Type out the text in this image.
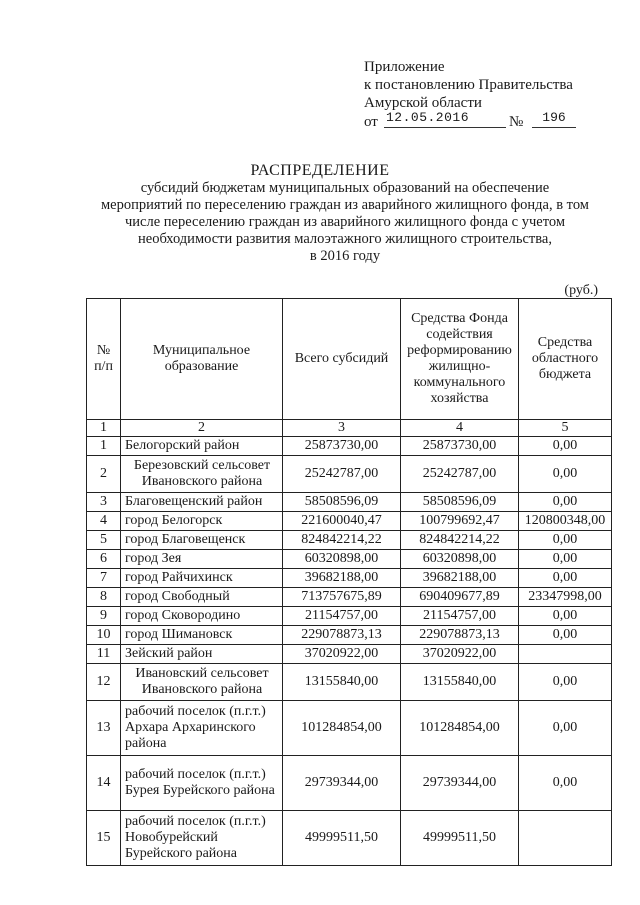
Приложение
к постановлению Правительства
Амурской области
от 12.05.2016	№	196
РАСПРЕДЕЛЕНИЕ
субсидий бюджетам муниципальных образований на обеспечение
мероприятий по переселению граждан из аварийного жилищного фонда, в том
числе переселению граждан из аварийного жилищного фонда с учетом
необходимости развития малоэтажного жилищного строительства,
в 2016 году
(руб.)
№ п/п	Муниципальное образование	Всего субсидий	Средства Фонда содействия реформированию жилищно-коммунального хозяйства	Средства областного бюджета
1	2	3	4	5
1	Белогорский район	25873730,00	25873730,00	0,00
2	Березовский сельсовет Ивановского района	25242787,00	25242787,00	0,00
3	Благовещенский район	58508596,09	58508596,09	0,00
4	город Белогорск	221600040,47	100799692,47	120800348,00
5	город Благовещенск	824842214,22	824842214,22	0,00
6	город Зея	60320898,00	60320898,00	0,00
7	город Райчихинск	39682188,00	39682188,00	0,00
8	город Свободный	713757675,89	690409677,89	23347998,00
9	город Сковородино	21154757,00	21154757,00	0,00
10	город Шимановск	229078873,13	229078873,13	0,00
11	Зейский район	37020922,00	37020922,00	
12	Ивановский сельсовет Ивановского района	13155840,00	13155840,00	0,00
13	рабочий поселок (п.г.т.) Архара Архаринского района	101284854,00	101284854,00	0,00
14	рабочий поселок (п.г.т.) Бурея Бурейского района	29739344,00	29739344,00	0,00
15	рабочий поселок (п.г.т.) Новобурейский Бурейского района	49999511,50	49999511,50	
